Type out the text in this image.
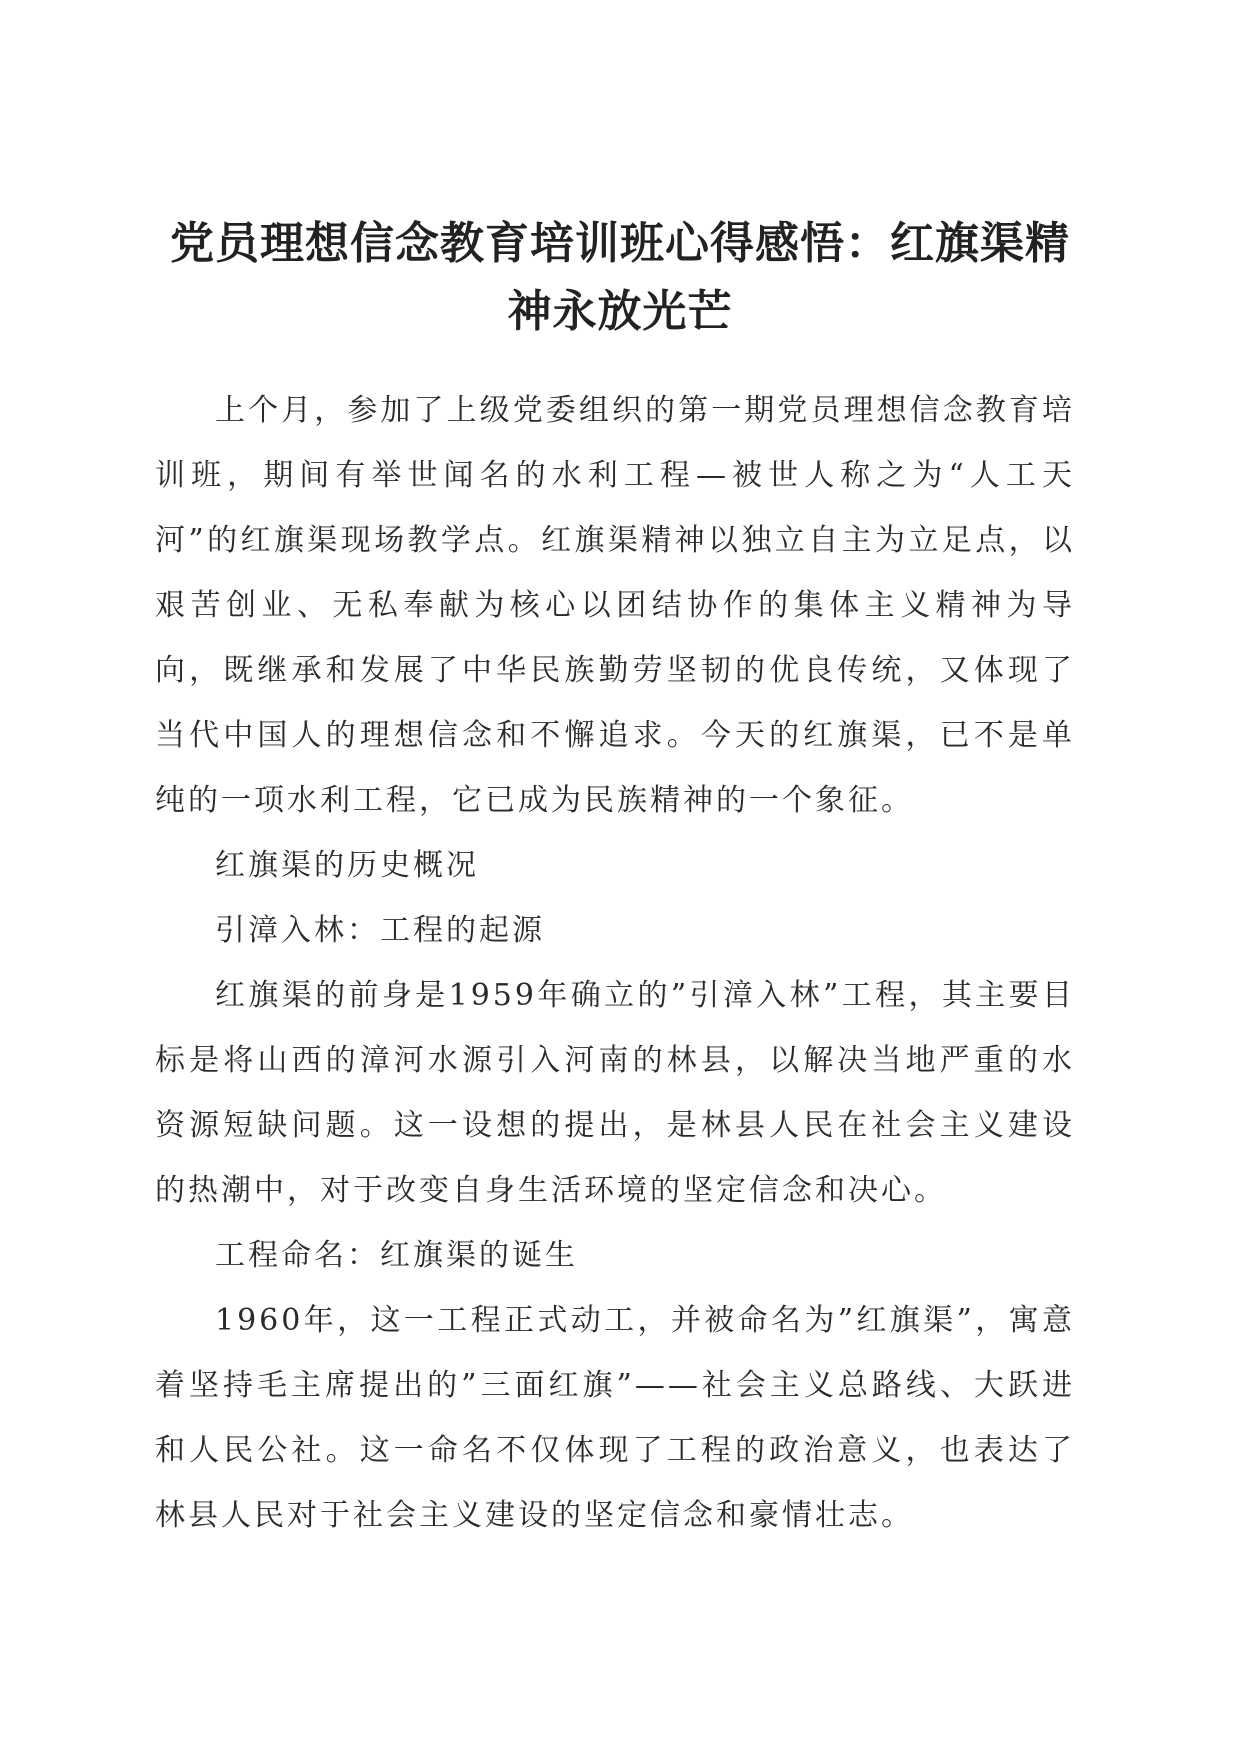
党员理想信念教育培训班心得感悟：红旗渠精神永放光芒

上个月，参加了上级党委组织的第一期党员理想信念教育培训班，期间有举世闻名的水利工程—被世人称之为“人工天河”的红旗渠现场教学点。红旗渠精神以独立自主为立足点，以艰苦创业、无私奉献为核心以团结协作的集体主义精神为导向，既继承和发展了中华民族勤劳坚韧的优良传统，又体现了当代中国人的理想信念和不懈追求。今天的红旗渠，已不是单纯的一项水利工程，它已成为民族精神的一个象征。

红旗渠的历史概况

引漳入林：工程的起源

红旗渠的前身是1959年确立的”引漳入林”工程，其主要目标是将山西的漳河水源引入河南的林县，以解决当地严重的水资源短缺问题。这一设想的提出，是林县人民在社会主义建设的热潮中，对于改变自身生活环境的坚定信念和决心。

工程命名：红旗渠的诞生

1960年，这一工程正式动工，并被命名为”红旗渠”，寓意着坚持毛主席提出的”三面红旗”——社会主义总路线、大跃进和人民公社。这一命名不仅体现了工程的政治意义，也表达了林县人民对于社会主义建设的坚定信念和豪情壮志。
